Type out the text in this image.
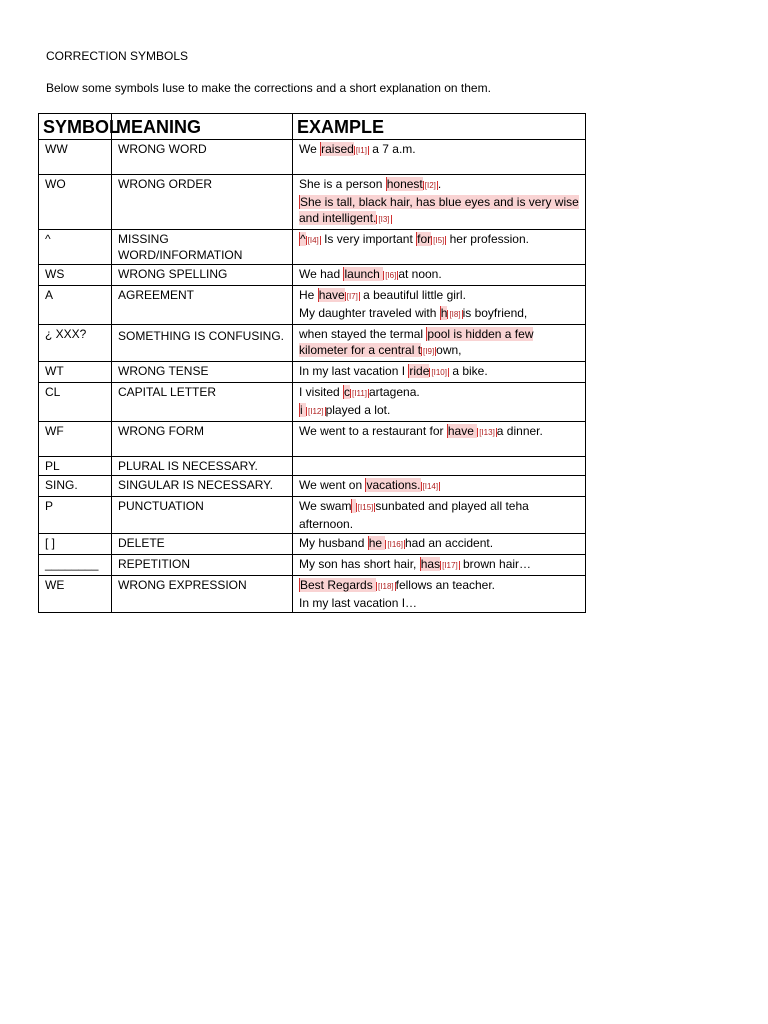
CORRECTION SYMBOLS
Below some symbols Iuse to make the corrections and a short explanation on them.
SYMBOL	MEANING	EXAMPLE
WW	WRONG WORD	We raised [I1] a 7 a.m.
WO	WRONG ORDER	She is a person honest [I2] .
She is tall, black hair, has blue eyes and is very wise and intelligent. [I3]
^	MISSING WORD/INFORMATION	^ [I4] Is very important for [I5] her profession.
WS	WRONG SPELLING	We had launch [I6] at noon.
A	AGREEMENT	He have [I7] a beautiful little girl.
My daughter traveled with h [I8] is boyfriend,
¿ XXX?	SOMETHING IS CONFUSING.	when stayed the termal pool is hidden a few kilometer for a central t [I9] own,
WT	WRONG TENSE	In my last vacation I ride [I10] a bike.
CL	CAPITAL LETTER	I visited c [I11] artagena.
i [I12] played a lot.
WF	WRONG FORM	We went to a restaurant for have [I13] a dinner.
PL	PLURAL IS NECESSARY.	
SING.	SINGULAR IS NECESSARY.	We went on vacations. [I14]
P	PUNCTUATION	We swam [I15] sunbated and played all teha afternoon.
[ ]	DELETE	My husband he [I16] had an accident.
________	REPETITION	My son has short hair, has [I17] brown hair…
WE	WRONG EXPRESSION	Best Regards [I18] fellows an teacher.
In my last vacation I…
